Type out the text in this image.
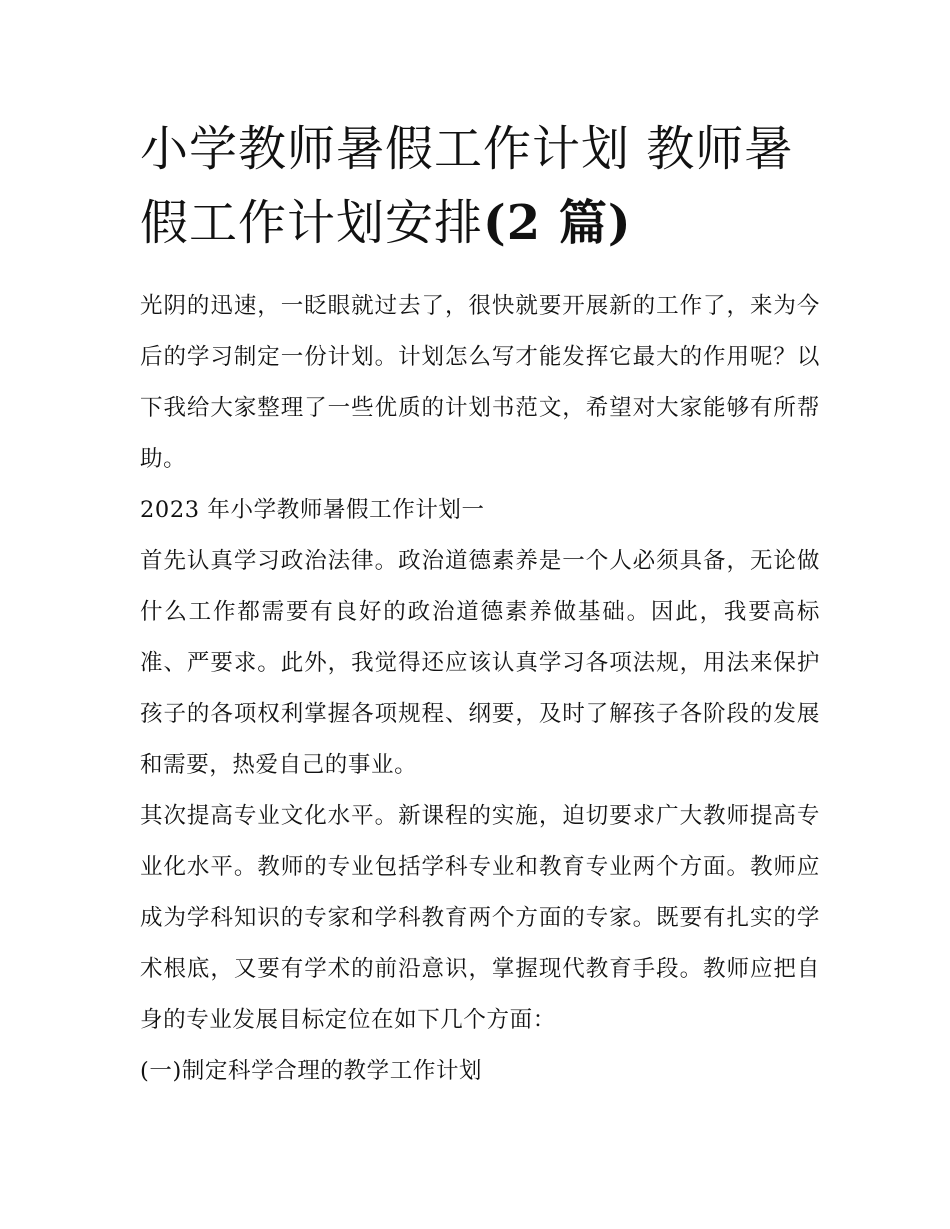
小学教师暑假工作计划 教师暑假工作计划安排(2 篇)

光阴的迅速，一眨眼就过去了，很快就要开展新的工作了，来为今后的学习制定一份计划。计划怎么写才能发挥它最大的作用呢？以下我给大家整理了一些优质的计划书范文，希望对大家能够有所帮助。

2023 年小学教师暑假工作计划一

首先认真学习政治法律。政治道德素养是一个人必须具备，无论做什么工作都需要有良好的政治道德素养做基础。因此，我要高标准、严要求。此外，我觉得还应该认真学习各项法规，用法来保护孩子的各项权利掌握各项规程、纲要，及时了解孩子各阶段的发展和需要，热爱自己的事业。

其次提高专业文化水平。新课程的实施，迫切要求广大教师提高专业化水平。教师的专业包括学科专业和教育专业两个方面。教师应成为学科知识的专家和学科教育两个方面的专家。既要有扎实的学术根底，又要有学术的前沿意识，掌握现代教育手段。教师应把自身的专业发展目标定位在如下几个方面：

(一)制定科学合理的教学工作计划
